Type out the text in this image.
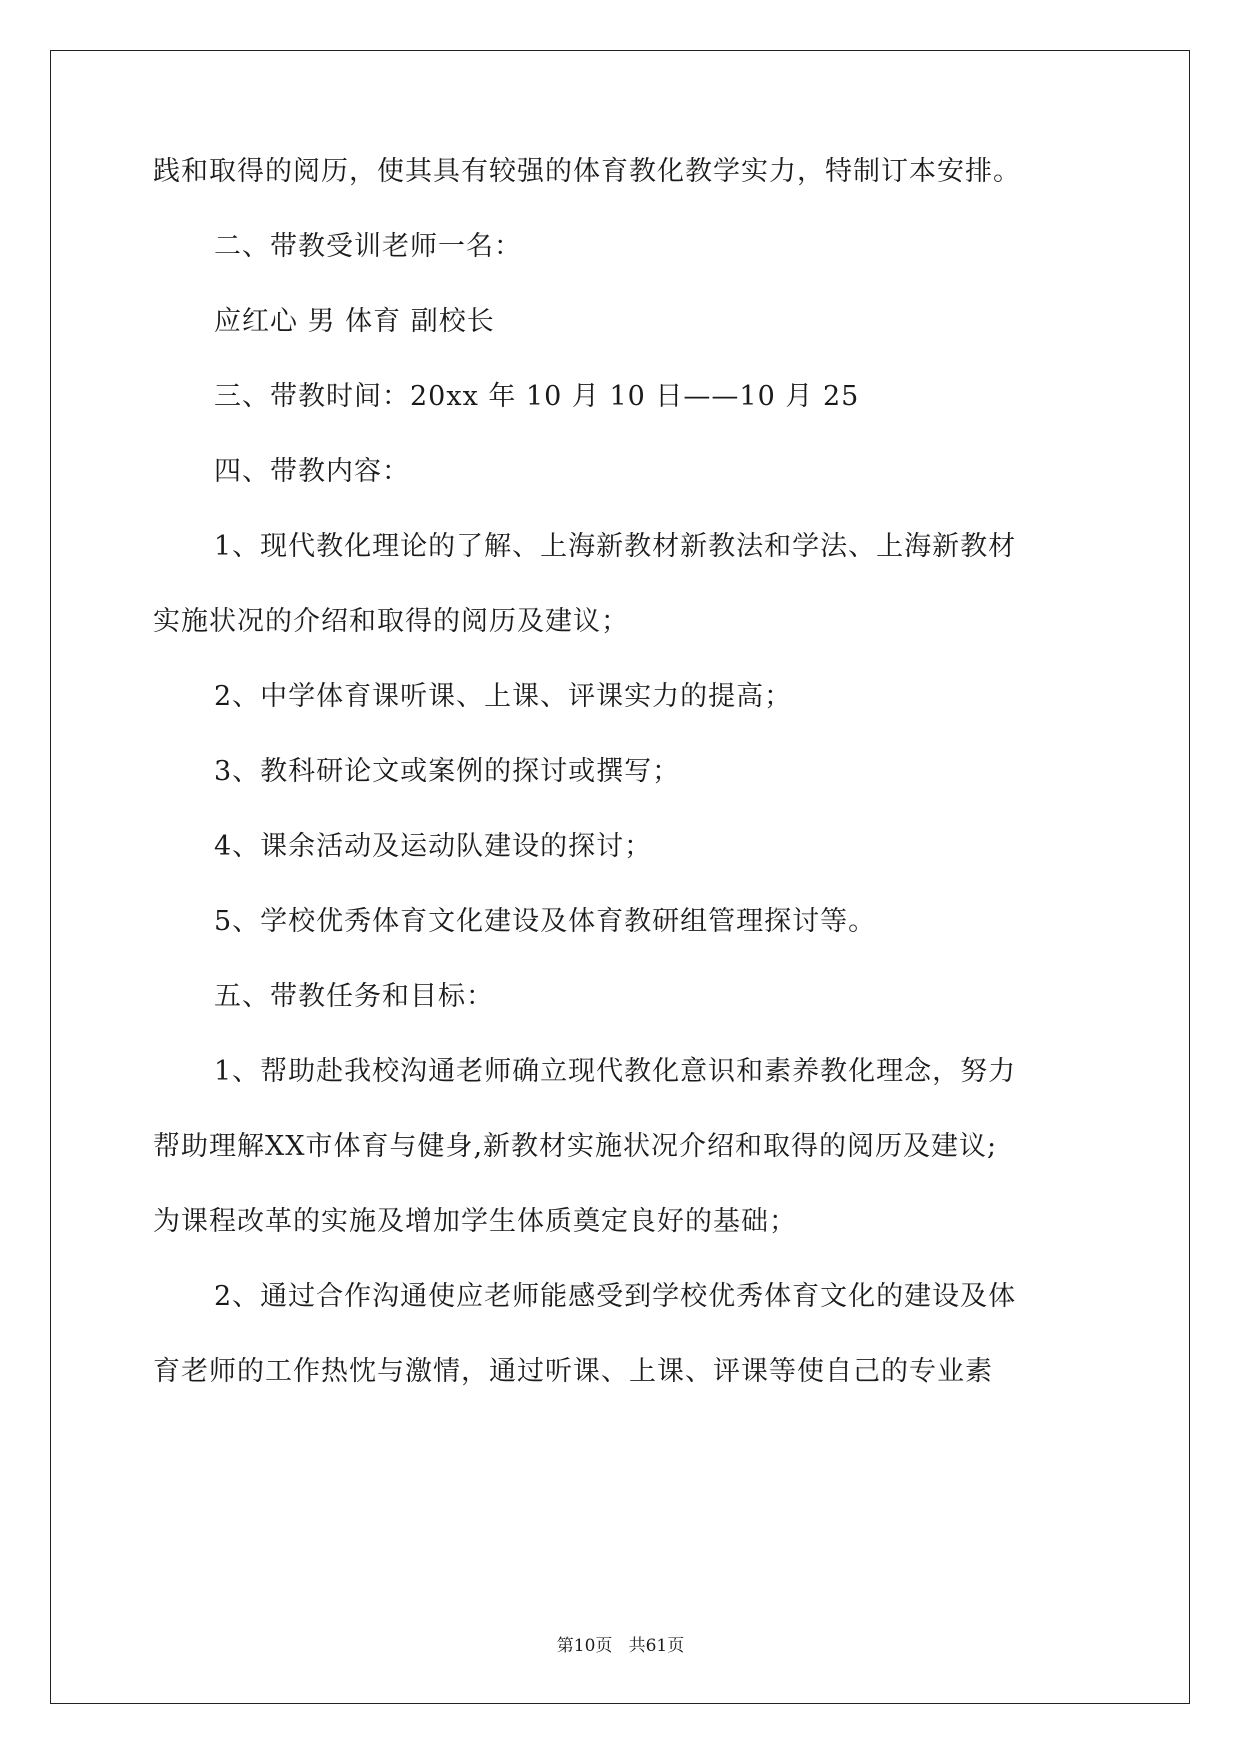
践和取得的阅历，使其具有较强的体育教化教学实力，特制订本安排。
二、带教受训老师一名：
应红心 男 体育 副校长
三、带教时间：20xx 年 10 月 10 日——10 月 25
四、带教内容：
1、现代教化理论的了解、上海新教材新教法和学法、上海新教材
实施状况的介绍和取得的阅历及建议；
2、中学体育课听课、上课、评课实力的提高；
3、教科研论文或案例的探讨或撰写；
4、课余活动及运动队建设的探讨；
5、学校优秀体育文化建设及体育教研组管理探讨等。
五、带教任务和目标：
1、帮助赴我校沟通老师确立现代教化意识和素养教化理念，努力
帮助理解XX市体育与健身,新教材实施状况介绍和取得的阅历及建议;
为课程改革的实施及增加学生体质奠定良好的基础；
2、通过合作沟通使应老师能感受到学校优秀体育文化的建设及体
育老师的工作热忱与激情，通过听课、上课、评课等使自己的专业素
第10页 共61页
